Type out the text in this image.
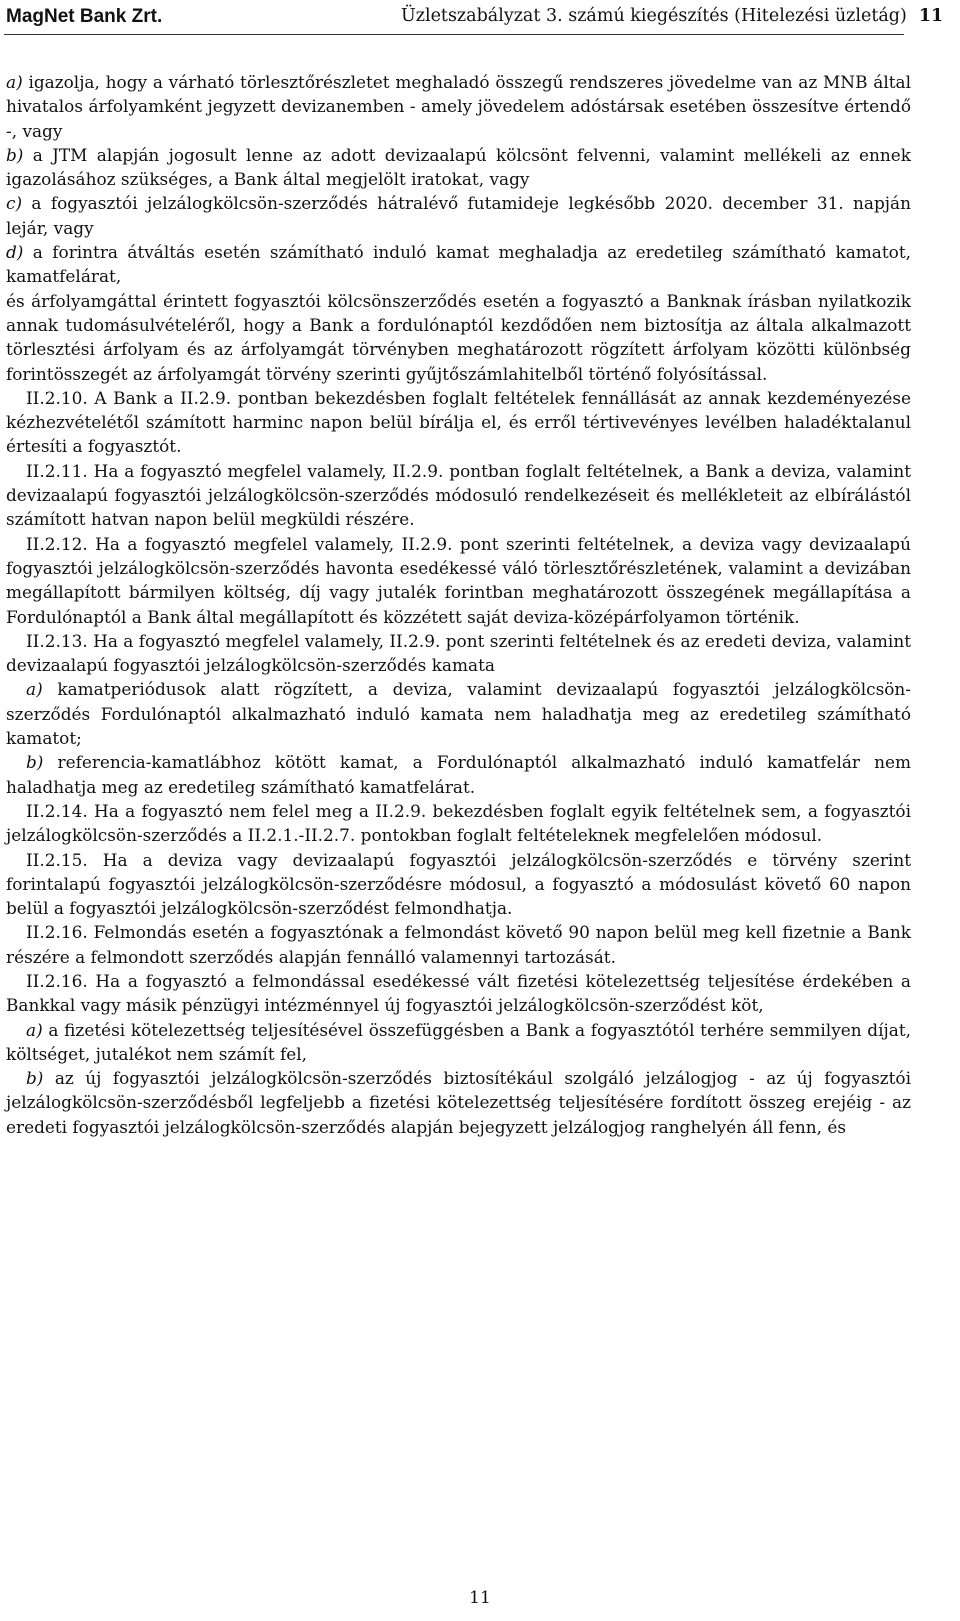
MagNet Bank Zrt.	Üzletszabályzat 3. számú kiegészítés (Hitelezési üzletág) 11

a) igazolja, hogy a várható törlesztőrészletet meghaladó összegű rendszeres jövedelme van az MNB által hivatalos árfolyamként jegyzett devizanemben - amely jövedelem adóstársak esetében összesítve értendő -, vagy

b) a JTM alapján jogosult lenne az adott devizaalapú kölcsönt felvenni, valamint mellékeli az ennek igazolásához szükséges, a Bank által megjelölt iratokat, vagy

c) a fogyasztói jelzálogkölcsön-szerződés hátralévő futamideje legkésőbb 2020. december 31. napján lejár, vagy

d) a forintra átváltás esetén számítható induló kamat meghaladja az eredetileg számítható kamatot, kamatfelárat,

és árfolyamgáttal érintett fogyasztói kölcsönszerződés esetén a fogyasztó a Banknak írásban nyilatkozik annak tudomásulvételéről, hogy a Bank a fordulónaptól kezdődően nem biztosítja az általa alkalmazott törlesztési árfolyam és az árfolyamgát törvényben meghatározott rögzített árfolyam közötti különbség forintösszegét az árfolyamgát törvény szerinti gyűjtőszámlahitelből történő folyósítással.

II.2.10. A Bank a II.2.9. pontban bekezdésben foglalt feltételek fennállását az annak kezdeményezése kézhezvételétől számított harminc napon belül bírálja el, és erről tértivevényes levélben haladéktalanul értesíti a fogyasztót.

II.2.11. Ha a fogyasztó megfelel valamely, II.2.9. pontban foglalt feltételnek, a Bank a deviza, valamint devizaalapú fogyasztói jelzálogkölcsön-szerződés módosuló rendelkezéseit és mellékleteit az elbírálástól számított hatvan napon belül megküldi részére.

II.2.12. Ha a fogyasztó megfelel valamely, II.2.9. pont szerinti feltételnek, a deviza vagy devizaalapú fogyasztói jelzálogkölcsön-szerződés havonta esedékessé váló törlesztőrészletének, valamint a devizában megállapított bármilyen költség, díj vagy jutalék forintban meghatározott összegének megállapítása a Fordulónaptól a Bank által megállapított és közzétett saját deviza-középárfolyamon történik.

II.2.13. Ha a fogyasztó megfelel valamely, II.2.9. pont szerinti feltételnek és az eredeti deviza, valamint devizaalapú fogyasztói jelzálogkölcsön-szerződés kamata

a) kamatperiódusok alatt rögzített, a deviza, valamint devizaalapú fogyasztói jelzálogkölcsön-szerződés Fordulónaptól alkalmazható induló kamata nem haladhatja meg az eredetileg számítható kamatot;

b) referencia-kamatlábhoz kötött kamat, a Fordulónaptól alkalmazható induló kamatfelár nem haladhatja meg az eredetileg számítható kamatfelárat.

II.2.14. Ha a fogyasztó nem felel meg a II.2.9. bekezdésben foglalt egyik feltételnek sem, a fogyasztói jelzálogkölcsön-szerződés a II.2.1.-II.2.7. pontokban foglalt feltételeknek megfelelően módosul.

II.2.15. Ha a deviza vagy devizaalapú fogyasztói jelzálogkölcsön-szerződés e törvény szerint forintalapú fogyasztói jelzálogkölcsön-szerződésre módosul, a fogyasztó a módosulást követő 60 napon belül a fogyasztói jelzálogkölcsön-szerződést felmondhatja.

II.2.16. Felmondás esetén a fogyasztónak a felmondást követő 90 napon belül meg kell fizetnie a Bank részére a felmondott szerződés alapján fennálló valamennyi tartozását.

II.2.16. Ha a fogyasztó a felmondással esedékessé vált fizetési kötelezettség teljesítése érdekében a Bankkal vagy másik pénzügyi intézménnyel új fogyasztói jelzálogkölcsön-szerződést köt,

a) a fizetési kötelezettség teljesítésével összefüggésben a Bank a fogyasztótól terhére semmilyen díjat, költséget, jutalékot nem számít fel,

b) az új fogyasztói jelzálogkölcsön-szerződés biztosítékául szolgáló jelzálogjog - az új fogyasztói jelzálogkölcsön-szerződésből legfeljebb a fizetési kötelezettség teljesítésére fordított összeg erejéig - az eredeti fogyasztói jelzálogkölcsön-szerződés alapján bejegyzett jelzálogjog ranghelyén áll fenn, és

11
